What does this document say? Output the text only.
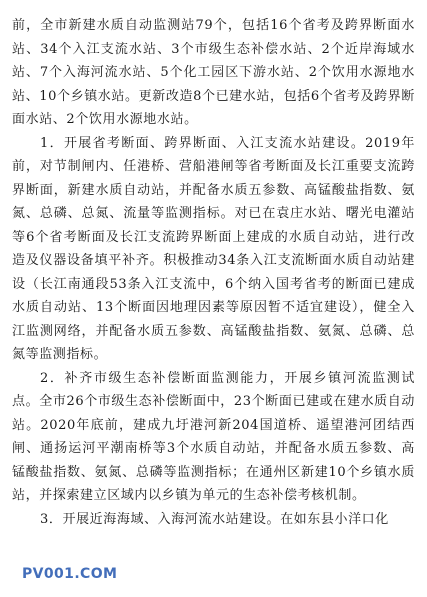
前，全市新建水质自动监测站79个，包括16个省考及跨界断面水站、34个入江支流水站、3个市级生态补偿水站、2个近岸海域水站、7个入海河流水站、5个化工园区下游水站、2个饮用水源地水站、10个乡镇水站。更新改造8个已建水站，包括6个省考及跨界断面水站、2个饮用水源地水站。

1．开展省考断面、跨界断面、入江支流水站建设。2019年前，对节制闸内、任港桥、营船港闸等省考断面及长江重要支流跨界断面，新建水质自动站，并配备水质五参数、高锰酸盐指数、氨氮、总磷、总氮、流量等监测指标。对已在袁庄水站、曙光电灌站等6个省考断面及长江支流跨界断面上建成的水质自动站，进行改造及仪器设备填平补齐。积极推动34条入江支流断面水质自动站建设（长江南通段53条入江支流中，6个纳入国考省考的断面已建成水质自动站、13个断面因地理因素等原因暂不适宜建设），健全入江监测网络，并配备水质五参数、高锰酸盐指数、氨氮、总磷、总氮等监测指标。

2．补齐市级生态补偿断面监测能力，开展乡镇河流监测试点。全市26个市级生态补偿断面中，23个断面已建或在建水质自动站。2020年底前，建成九圩港河新204国道桥、遥望港河团结西闸、通扬运河平潮南桥等3个水质自动站，并配备水质五参数、高锰酸盐指数、氨氮、总磷等监测指标；在通州区新建10个乡镇水质站，并探索建立区域内以乡镇为单元的生态补偿考核机制。

3．开展近海海域、入海河流水站建设。在如东县小洋口化

PV001.COM
